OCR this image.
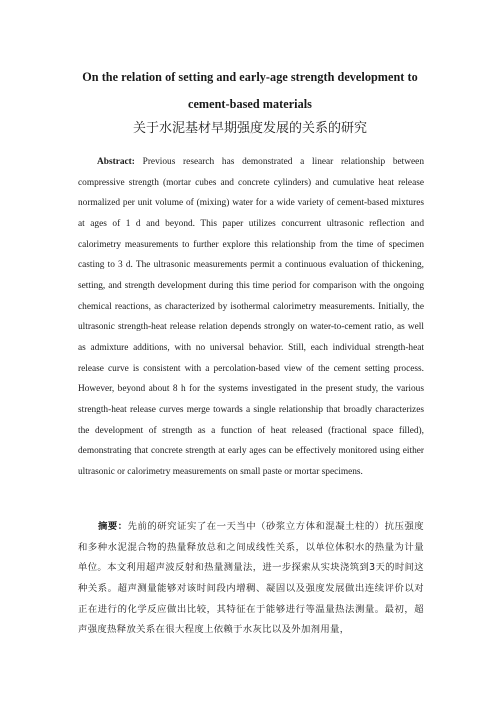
On the relation of setting and early-age strength development to cement-based materials
关于水泥基材早期强度发展的关系的研究
Abstract: Previous research has demonstrated a linear relationship between compressive strength (mortar cubes and concrete cylinders) and cumulative heat release normalized per unit volume of (mixing) water for a wide variety of cement-based mixtures at ages of 1 d and beyond. This paper utilizes concurrent ultrasonic reflection and calorimetry measurements to further explore this relationship from the time of specimen casting to 3 d. The ultrasonic measurements permit a continuous evaluation of thickening, setting, and strength development during this time period for comparison with the ongoing chemical reactions, as characterized by isothermal calorimetry measurements. Initially, the ultrasonic strength-heat release relation depends strongly on water-to-cement ratio, as well as admixture additions, with no universal behavior. Still, each individual strength-heat release curve is consistent with a percolation-based view of the cement setting process. However, beyond about 8 h for the systems investigated in the present study, the various strength-heat release curves merge towards a single relationship that broadly characterizes the development of strength as a function of heat released (fractional space filled), demonstrating that concrete strength at early ages can be effectively monitored using either ultrasonic or calorimetry measurements on small paste or mortar specimens.
摘要：先前的研究证实了在一天当中（砂浆立方体和混凝土柱的）抗压强度和多种水泥混合物的热量释放总和之间成线性关系，以单位体积水的热量为计量单位。本文利用超声波反射和热量测量法，进一步探索从实块浇筑到3天的时间这种关系。超声测量能够对该时间段内增稠、凝固以及强度发展做出连续评价以对正在进行的化学反应做出比较，其特征在于能够进行等温量热法测量。最初，超声强度热释放关系在很大程度上依赖于水灰比以及外加剂用量，
